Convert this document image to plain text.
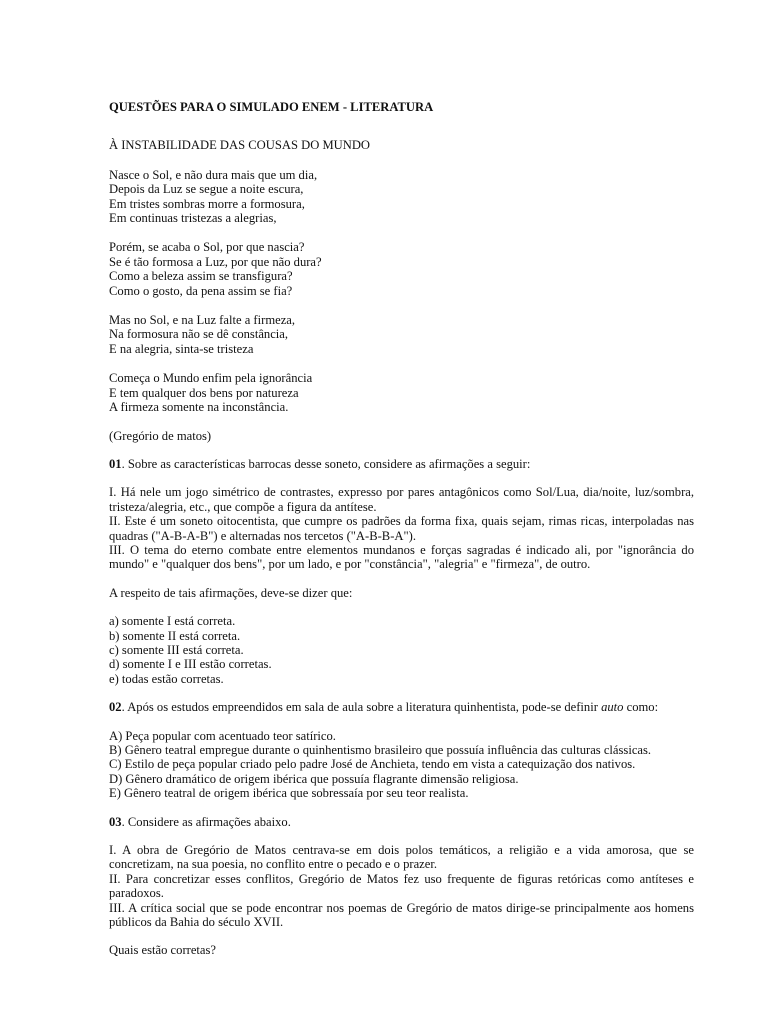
QUESTÕES PARA O SIMULADO ENEM - LITERATURA

À INSTABILIDADE DAS COUSAS DO MUNDO

Nasce o Sol, e não dura mais que um dia,
Depois da Luz se segue a noite escura,
Em tristes sombras morre a formosura,
Em continuas tristezas a alegrias,
Porém, se acaba o Sol, por que nascia?
Se é tão formosa a Luz, por que não dura?
Como a beleza assim se transfigura?
Como o gosto, da pena assim se fia?
Mas no Sol, e na Luz falte a firmeza,
Na formosura não se dê constância,
E na alegria, sinta-se tristeza
Começa o Mundo enfim pela ignorância
E tem qualquer dos bens por natureza
A firmeza somente na inconstância.

(Gregório de matos)

01. Sobre as características barrocas desse soneto, considere as afirmações a seguir:

I. Há nele um jogo simétrico de contrastes, expresso por pares antagônicos como Sol/Lua, dia/noite, luz/sombra, tristeza/alegria, etc., que compõe a figura da antítese.
II. Este é um soneto oitocentista, que cumpre os padrões da forma fixa, quais sejam, rimas ricas, interpoladas nas quadras ("A-B-A-B") e alternadas nos tercetos ("A-B-B-A").
III. O tema do eterno combate entre elementos mundanos e forças sagradas é indicado ali, por "ignorância do mundo" e "qualquer dos bens", por um lado, e por "constância", "alegria" e "firmeza", de outro.

A respeito de tais afirmações, deve-se dizer que:

a) somente I está correta.
b) somente II está correta.
c) somente III está correta.
d) somente I e III estão corretas.
e) todas estão corretas.

02. Após os estudos empreendidos em sala de aula sobre a literatura quinhentista, pode-se definir auto como:

A) Peça popular com acentuado teor satírico.
B) Gênero teatral empregue durante o quinhentismo brasileiro que possuía influência das culturas clássicas.
C) Estilo de peça popular criado pelo padre José de Anchieta, tendo em vista a catequização dos nativos.
D) Gênero dramático de origem ibérica que possuía flagrante dimensão religiosa.
E) Gênero teatral de origem ibérica que sobressaía por seu teor realista.

03. Considere as afirmações abaixo.

I. A obra de Gregório de Matos centrava-se em dois polos temáticos, a religião e a vida amorosa, que se concretizam, na sua poesia, no conflito entre o pecado e o prazer.
II. Para concretizar esses conflitos, Gregório de Matos fez uso frequente de figuras retóricas como antíteses e paradoxos.
III. A crítica social que se pode encontrar nos poemas de Gregório de matos dirige-se principalmente aos homens públicos da Bahia do século XVII.

Quais estão corretas?
